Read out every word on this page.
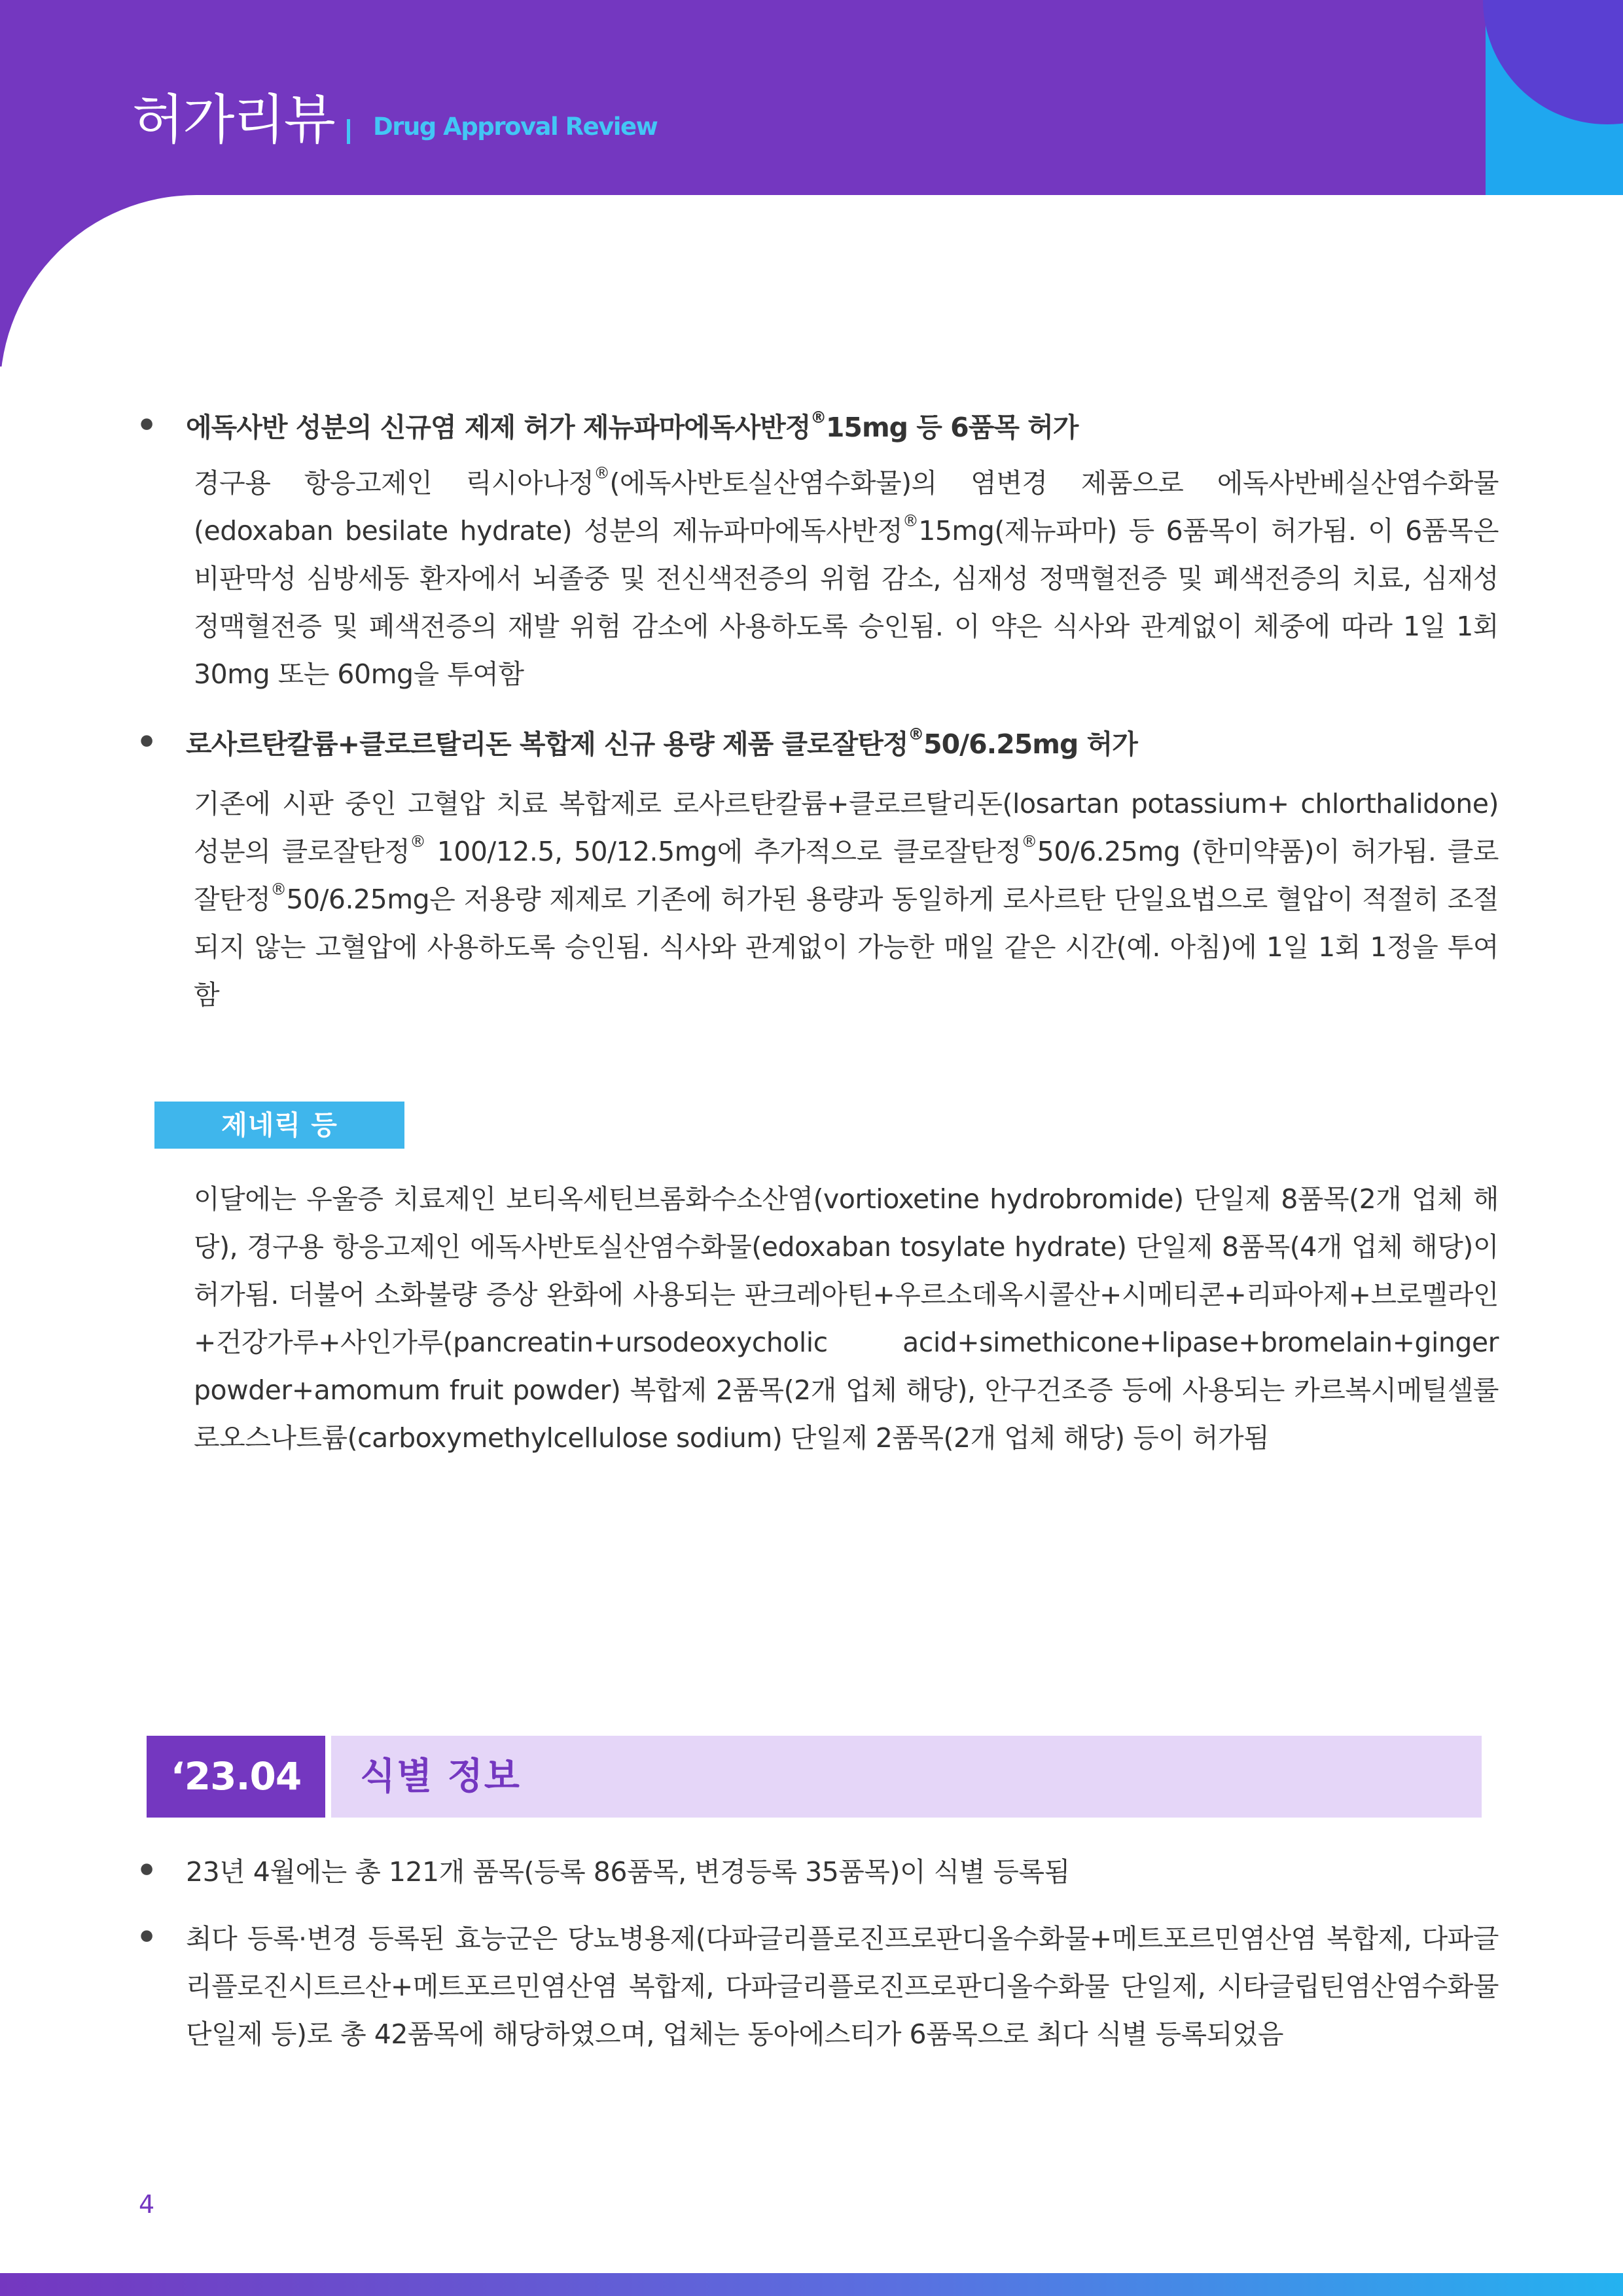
허가리뷰 Drug Approval Review
● 에독사반 성분의 신규염 제제 허가 제뉴파마에독사반정®15mg 등 6품목 허가
경구용 항응고제인 릭시아나정®(에독사반토실산염수화물)의 염변경 제품으로 에독사반베실산염수화물 (edoxaban besilate hydrate) 성분의 제뉴파마에독사반정®15mg(제뉴파마) 등 6품목이 허가됨. 이 6품목은 비판막성 심방세동 환자에서 뇌졸중 및 전신색전증의 위험 감소, 심재성 정맥혈전증 및 폐색전증의 치료, 심재성 정맥혈전증 및 폐색전증의 재발 위험 감소에 사용하도록 승인됨. 이 약은 식사와 관계없이 체중에 따라 1일 1회 30mg 또는 60mg을 투여함
● 로사르탄칼륨+클로르탈리돈 복합제 신규 용량 제품 클로잘탄정®50/6.25mg 허가
기존에 시판 중인 고혈압 치료 복합제로 로사르탄칼륨+클로르탈리돈(losartan potassium+ chlorthalidone) 성분의 클로잘탄정® 100/12.5, 50/12.5mg에 추가적으로 클로잘탄정®50/6.25mg (한미약품)이 허가됨. 클로잘탄정®50/6.25mg은 저용량 제제로 기존에 허가된 용량과 동일하게 로사르탄 단일요법으로 혈압이 적절히 조절되지 않는 고혈압에 사용하도록 승인됨. 식사와 관계없이 가능한 매일 같은 시간(예. 아침)에 1일 1회 1정을 투여함
제네릭 등
이달에는 우울증 치료제인 보티옥세틴브롬화수소산염(vortioxetine hydrobromide) 단일제 8품목(2개 업체 해당), 경구용 항응고제인 에독사반토실산염수화물(edoxaban tosylate hydrate) 단일제 8품목(4개 업체 해당)이 허가됨. 더불어 소화불량 증상 완화에 사용되는 판크레아틴+우르소데옥시콜산+시메티콘+리파아제+브로멜라인+건강가루+사인가루(pancreatin+ursodeoxycholic acid+simethicone+lipase+bromelain+ginger powder+amomum fruit powder) 복합제 2품목(2개 업체 해당), 안구건조증 등에 사용되는 카르복시메틸셀룰로오스나트륨(carboxymethylcellulose sodium) 단일제 2품목(2개 업체 해당) 등이 허가됨
‘23.04	식별 정보
● 23년 4월에는 총 121개 품목(등록 86품목, 변경등록 35품목)이 식별 등록됨
● 최다 등록·변경 등록된 효능군은 당뇨병용제(다파글리플로진프로판디올수화물+메트포르민염산염 복합제, 다파글리플로진시트르산+메트포르민염산염 복합제, 다파글리플로진프로판디올수화물 단일제, 시타글립틴염산염수화물 단일제 등)로 총 42품목에 해당하였으며, 업체는 동아에스티가 6품목으로 최다 식별 등록되었음
4
